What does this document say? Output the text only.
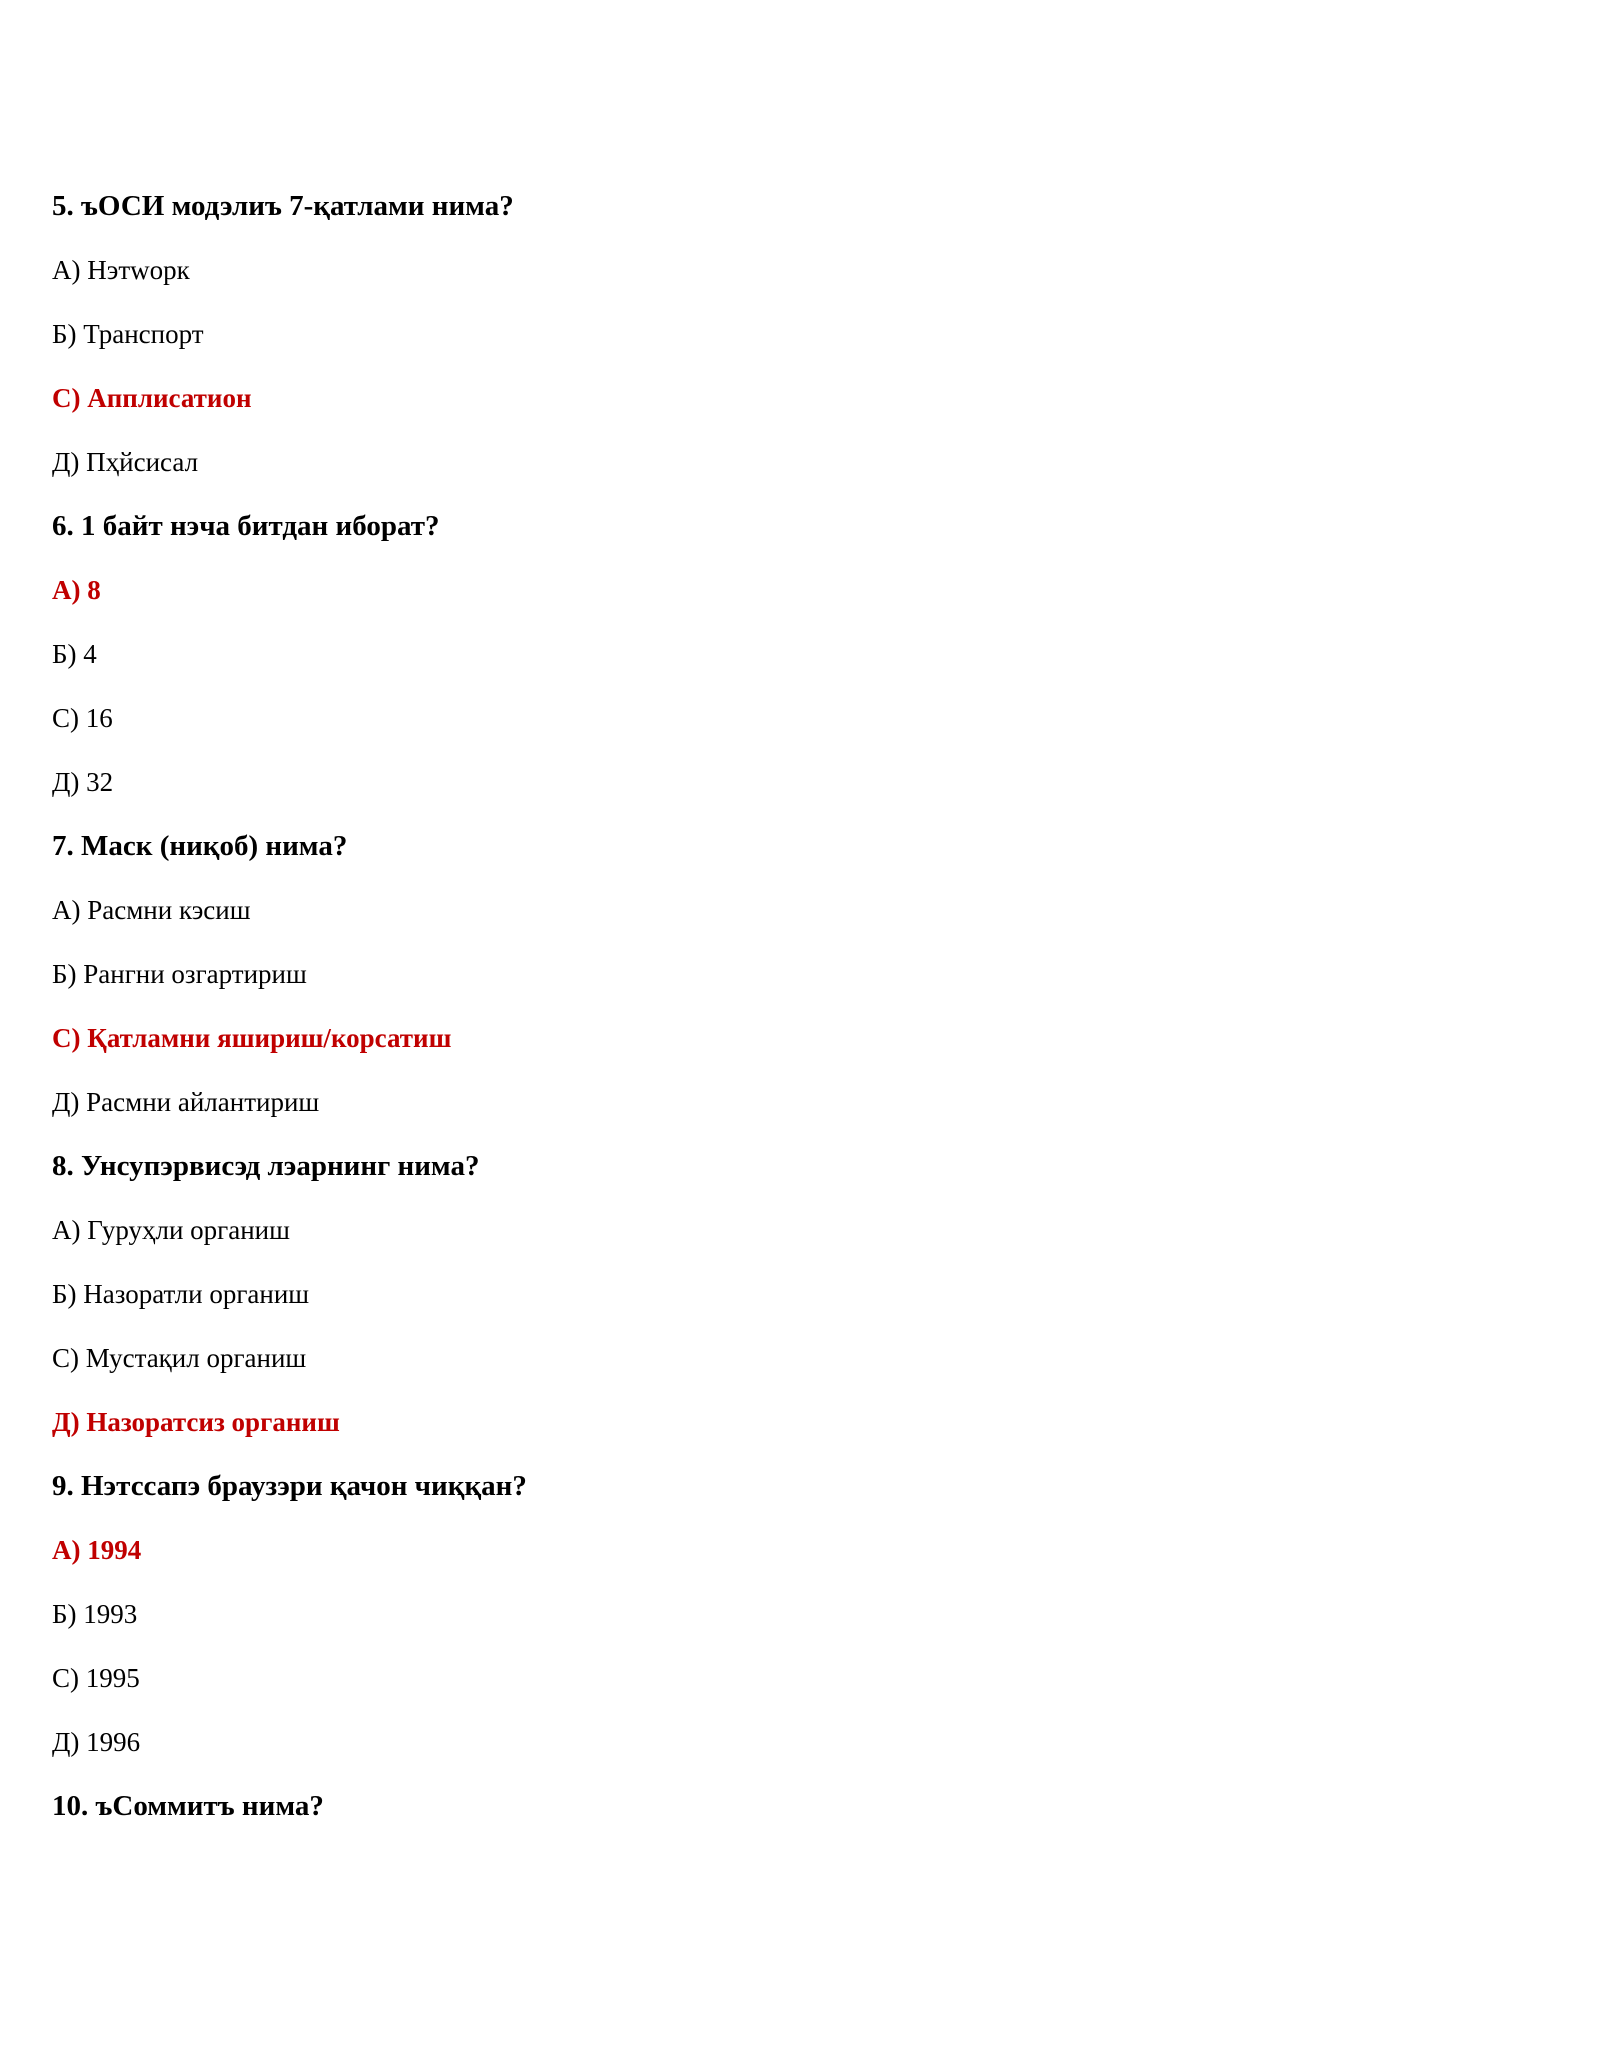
5. ъОСИ модэлиъ 7-қатлами нима?
A) Нэтwорк
Б) Транспорт
C) Апплисатион
Д) Пҳйсисал
6. 1 байт нэча битдан иборат?
A) 8
Б) 4
C) 16
Д) 32
7. Маск (ниқоб) нима?
A) Расмни кэсиш
Б) Рангни озгартириш
C) Қатламни яшириш/корсатиш
Д) Расмни айлантириш
8. Унсупэрвисэд лэарнинг нима?
A) Гуруҳли органиш
Б) Назоратли органиш
C) Мустақил органиш
Д) Назоратсиз органиш
9. Нэтссапэ браузэри қачон чиққан?
A) 1994
Б) 1993
C) 1995
Д) 1996
10. ъСоммитъ нима?
